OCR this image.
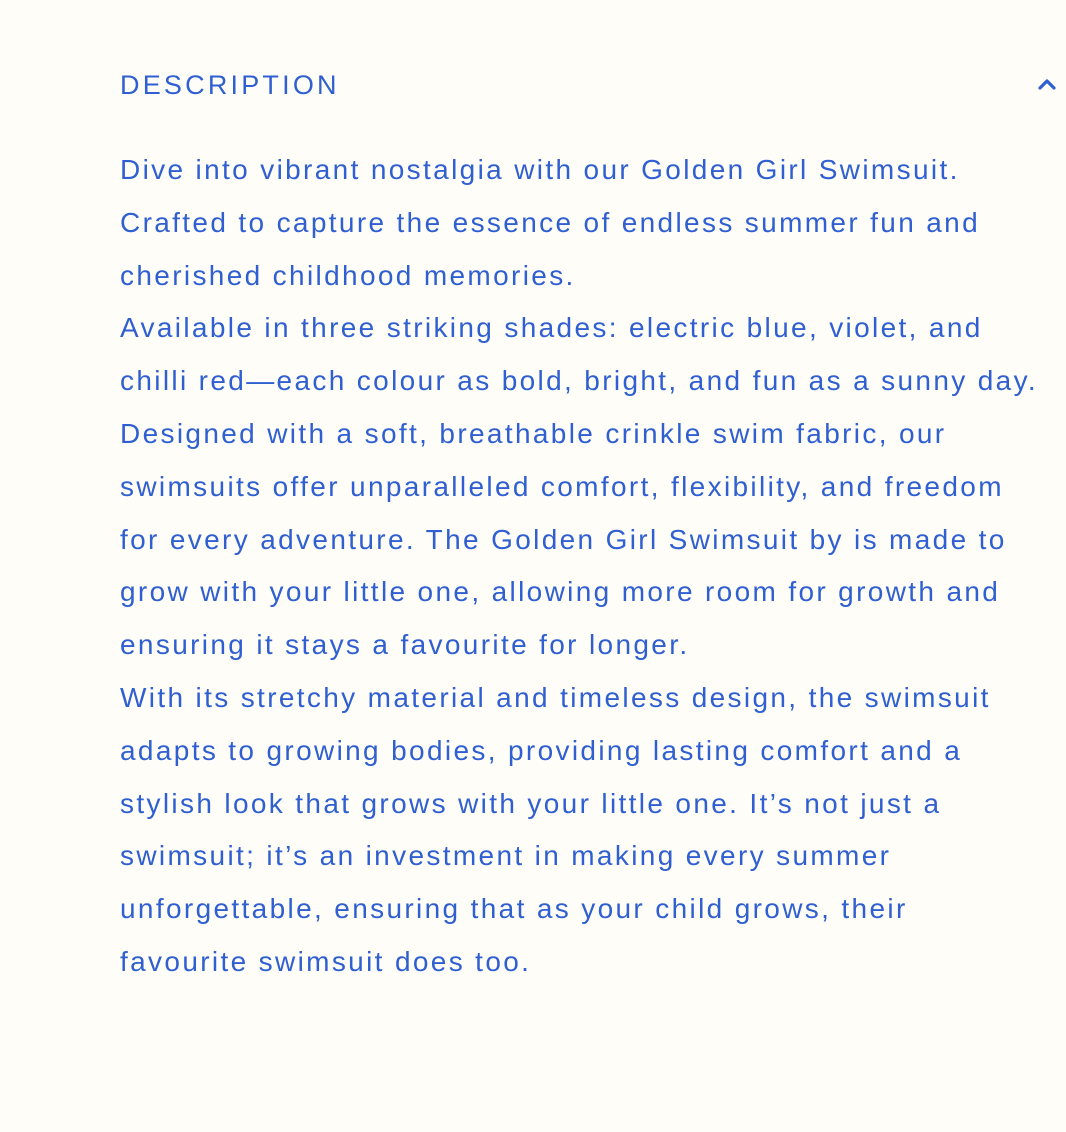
DESCRIPTION

Dive into vibrant nostalgia with our Golden Girl Swimsuit. Crafted to capture the essence of endless summer fun and cherished childhood memories.

Available in three striking shades: electric blue, violet, and chilli red—each colour as bold, bright, and fun as a sunny day.

Designed with a soft, breathable crinkle swim fabric, our swimsuits offer unparalleled comfort, flexibility, and freedom for every adventure. The Golden Girl Swimsuit by is made to grow with your little one, allowing more room for growth and ensuring it stays a favourite for longer.

With its stretchy material and timeless design, the swimsuit adapts to growing bodies, providing lasting comfort and a stylish look that grows with your little one. It’s not just a swimsuit; it’s an investment in making every summer unforgettable, ensuring that as your child grows, their favourite swimsuit does too.
